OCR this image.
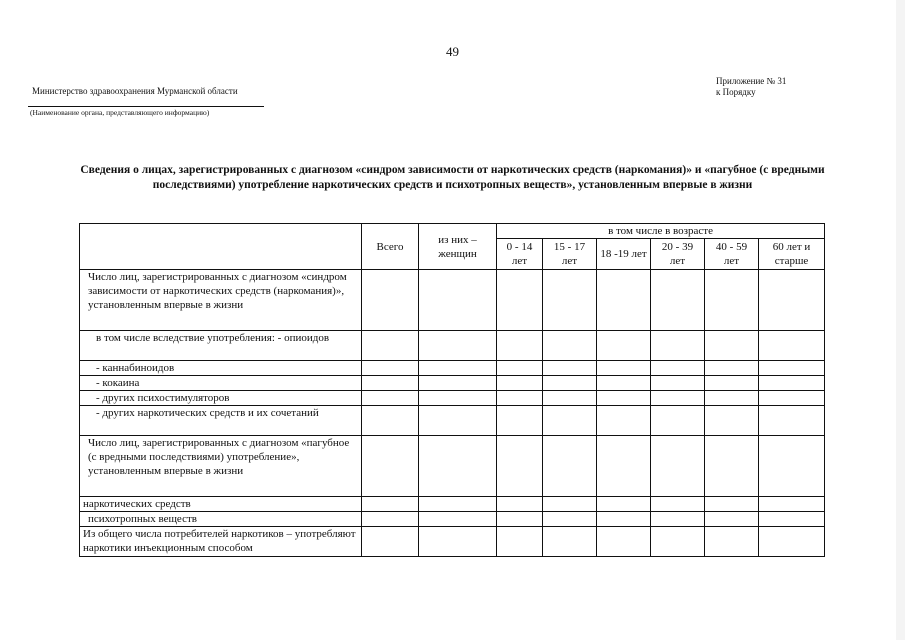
49
Министерство здравоохранения Мурманской области
(Наименование органа, представляющего информацию)
Приложение № 31
к Порядку
Сведения о лицах, зарегистрированных с диагнозом «синдром зависимости от наркотических средств (наркомания)» и «пагубное (с вредными последствиями) употребление наркотических средств и психотропных веществ», установленным впервые в жизни
	Всего	из них – женщин	в том числе в возрасте					
			0 - 14 лет	15 - 17 лет	18 -19 лет	20 - 39 лет	40 - 59 лет	60 лет и старше
Число лиц, зарегистрированных с диагнозом «синдром зависимости от наркотических средств (наркомания)», установленным впервые в жизни								
в том числе вследствие употребления: - опиоидов								
- каннабиноидов								
- кокаина								
- других психостимуляторов								
- других наркотических средств и их сочетаний								
Число лиц, зарегистрированных с диагнозом «пагубное (с вредными последствиями) употребление», установленным впервые в жизни								
наркотических средств								
психотропных веществ								
Из общего числа потребителей наркотиков – употребляют наркотики инъекционным способом								
